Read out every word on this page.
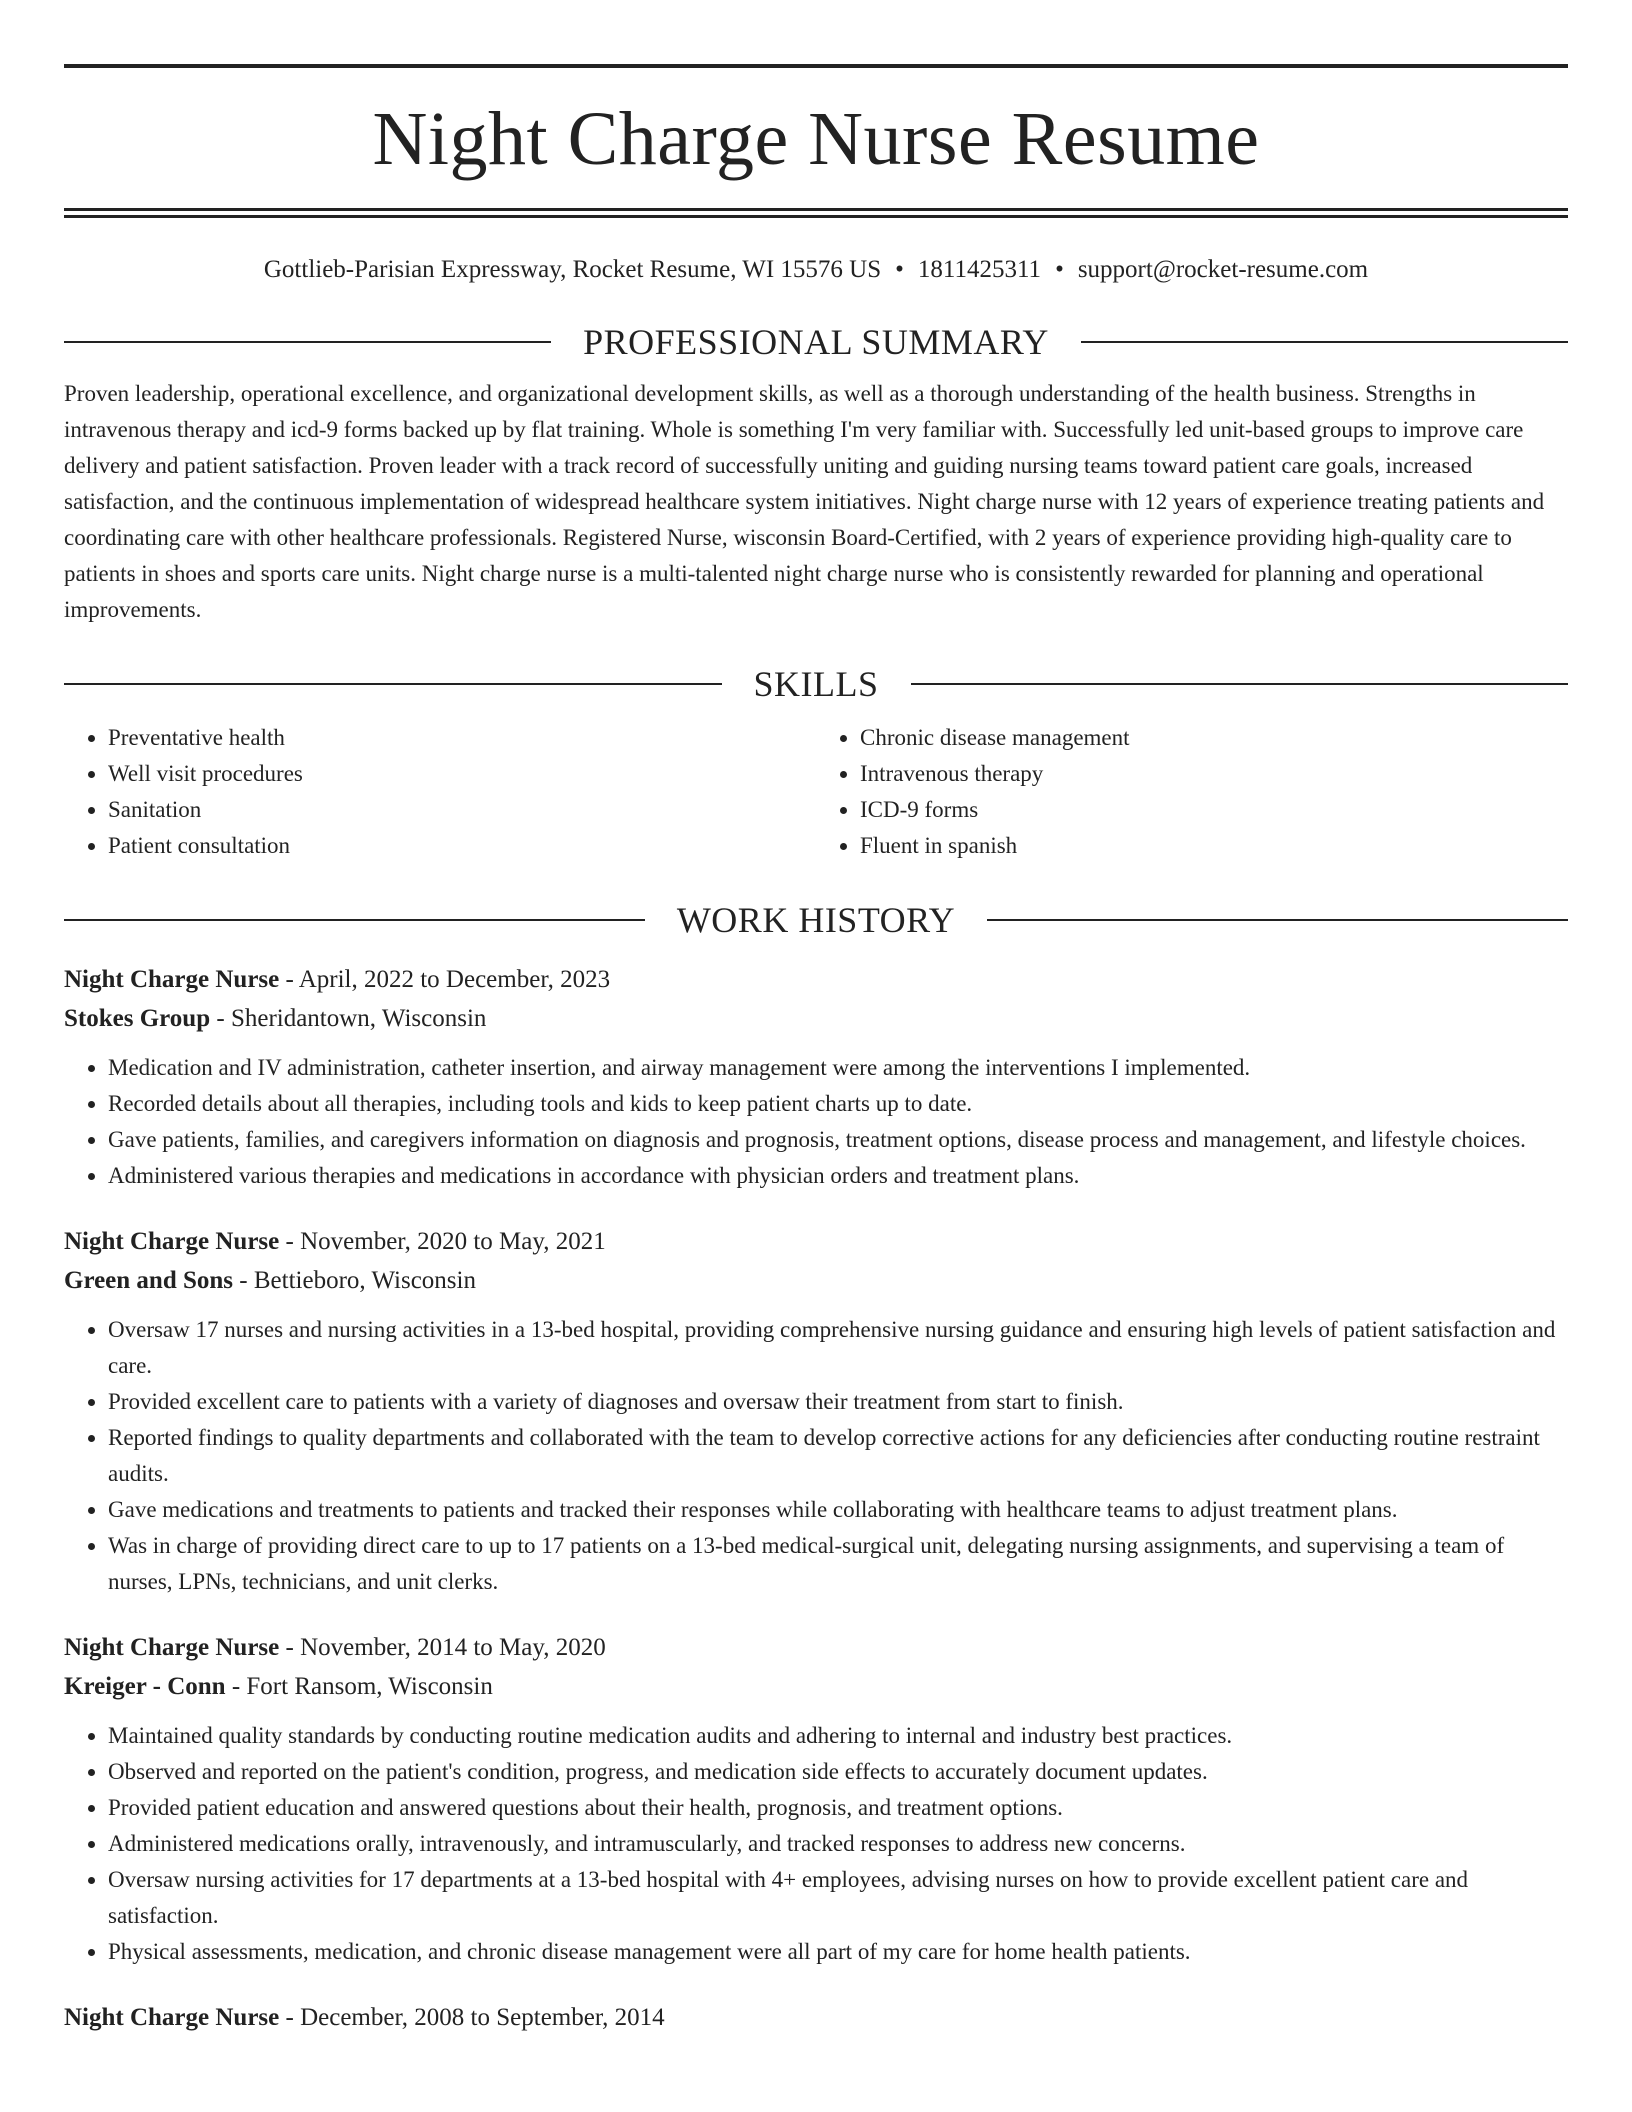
Night Charge Nurse Resume
Gottlieb-Parisian Expressway, Rocket Resume, WI 15576 US • 1811425311 • support@rocket-resume.com
PROFESSIONAL SUMMARY
Proven leadership, operational excellence, and organizational development skills, as well as a thorough understanding of the health business. Strengths in intravenous therapy and icd-9 forms backed up by flat training. Whole is something I'm very familiar with. Successfully led unit-based groups to improve care delivery and patient satisfaction. Proven leader with a track record of successfully uniting and guiding nursing teams toward patient care goals, increased satisfaction, and the continuous implementation of widespread healthcare system initiatives. Night charge nurse with 12 years of experience treating patients and coordinating care with other healthcare professionals. Registered Nurse, wisconsin Board-Certified, with 2 years of experience providing high-quality care to patients in shoes and sports care units. Night charge nurse is a multi-talented night charge nurse who is consistently rewarded for planning and operational improvements.
SKILLS
• Preventative health
• Well visit procedures
• Sanitation
• Patient consultation
• Chronic disease management
• Intravenous therapy
• ICD-9 forms
• Fluent in spanish
WORK HISTORY
Night Charge Nurse - April, 2022 to December, 2023
Stokes Group - Sheridantown, Wisconsin
• Medication and IV administration, catheter insertion, and airway management were among the interventions I implemented.
• Recorded details about all therapies, including tools and kids to keep patient charts up to date.
• Gave patients, families, and caregivers information on diagnosis and prognosis, treatment options, disease process and management, and lifestyle choices.
• Administered various therapies and medications in accordance with physician orders and treatment plans.
Night Charge Nurse - November, 2020 to May, 2021
Green and Sons - Bettieboro, Wisconsin
• Oversaw 17 nurses and nursing activities in a 13-bed hospital, providing comprehensive nursing guidance and ensuring high levels of patient satisfaction and care.
• Provided excellent care to patients with a variety of diagnoses and oversaw their treatment from start to finish.
• Reported findings to quality departments and collaborated with the team to develop corrective actions for any deficiencies after conducting routine restraint audits.
• Gave medications and treatments to patients and tracked their responses while collaborating with healthcare teams to adjust treatment plans.
• Was in charge of providing direct care to up to 17 patients on a 13-bed medical-surgical unit, delegating nursing assignments, and supervising a team of nurses, LPNs, technicians, and unit clerks.
Night Charge Nurse - November, 2014 to May, 2020
Kreiger - Conn - Fort Ransom, Wisconsin
• Maintained quality standards by conducting routine medication audits and adhering to internal and industry best practices.
• Observed and reported on the patient's condition, progress, and medication side effects to accurately document updates.
• Provided patient education and answered questions about their health, prognosis, and treatment options.
• Administered medications orally, intravenously, and intramuscularly, and tracked responses to address new concerns.
• Oversaw nursing activities for 17 departments at a 13-bed hospital with 4+ employees, advising nurses on how to provide excellent patient care and satisfaction.
• Physical assessments, medication, and chronic disease management were all part of my care for home health patients.
Night Charge Nurse - December, 2008 to September, 2014
